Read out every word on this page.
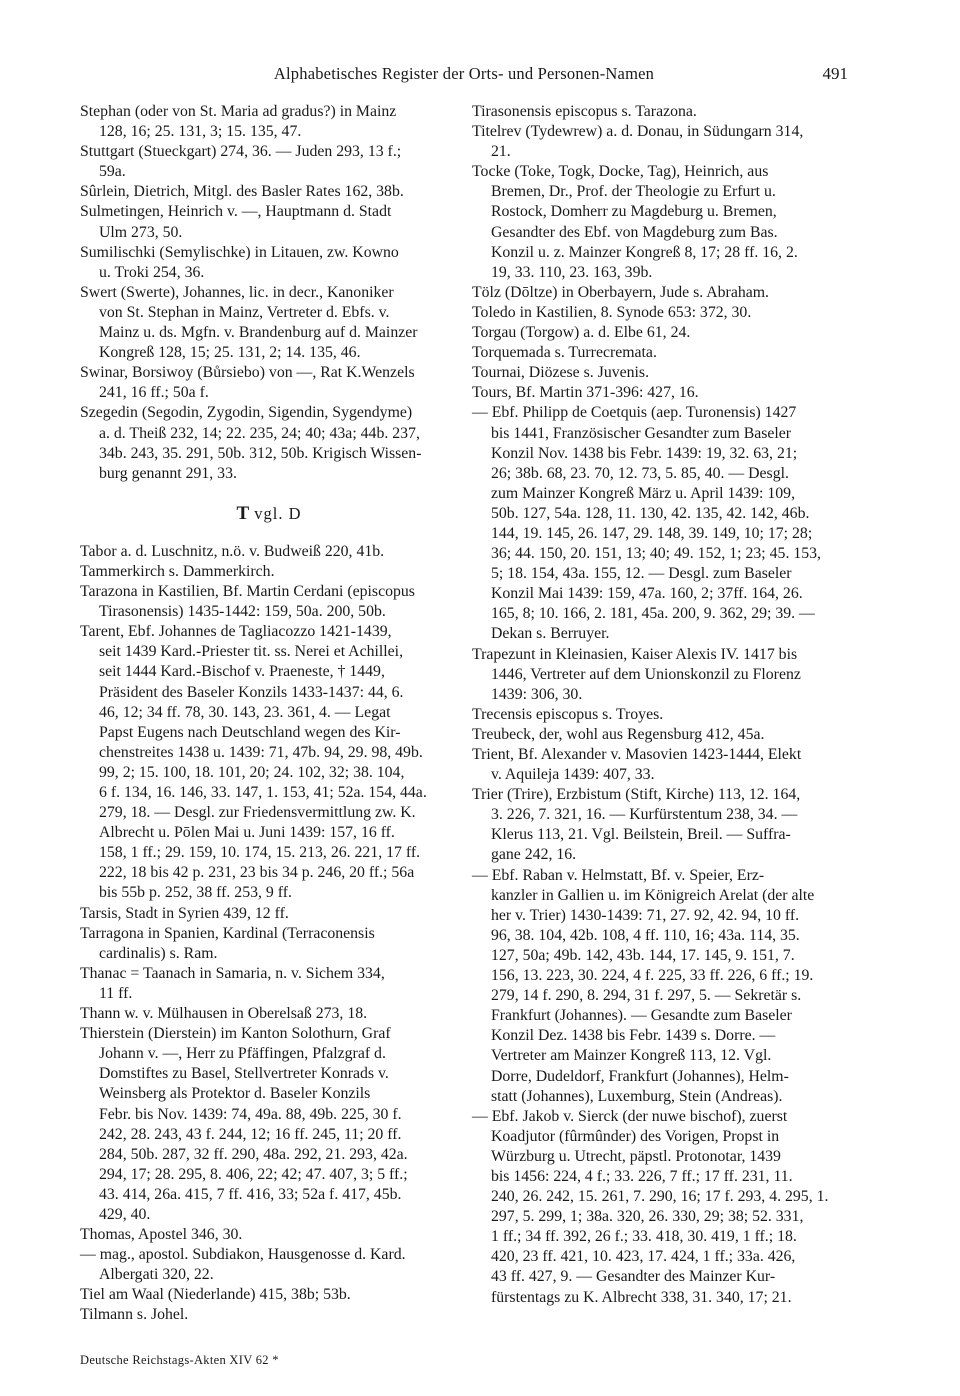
Alphabetisches Register der Orts- und Personen-Namen	491
Stephan (oder von St. Maria ad gradus?) in Mainz
128, 16; 25. 131, 3; 15. 135, 47.
Stuttgart (Stueckgart) 274, 36. — Juden 293, 13 f.;
59a.
Sûrlein, Dietrich, Mitgl. des Basler Rates 162, 38b.
Sulmetingen, Heinrich v. —, Hauptmann d. Stadt
Ulm 273, 50.
Sumilischki (Semylischke) in Litauen, zw. Kowno
u. Troki 254, 36.
Swert (Swerte), Johannes, lic. in decr., Kanoniker
von St. Stephan in Mainz, Vertreter d. Ebfs. v.
Mainz u. ds. Mgfn. v. Brandenburg auf d. Mainzer
Kongreß 128, 15; 25. 131, 2; 14. 135, 46.
Swinar, Borsiwoy (Bůrsiebo) von —, Rat K.Wenzels
241, 16 ff.; 50a f.
Szegedin (Segodin, Zygodin, Sigendin, Sygendyme)
a. d. Theiß 232, 14; 22. 235, 24; 40; 43a; 44b. 237,
34b. 243, 35. 291, 50b. 312, 50b. Krigisch Wissen-
burg genannt 291, 33.
T vgl. D
Tabor a. d. Luschnitz, n.ö. v. Budweiß 220, 41b.
Tammerkirch s. Dammerkirch.
Tarazona in Kastilien, Bf. Martin Cerdani (episcopus
Tirasonensis) 1435-1442: 159, 50a. 200, 50b.
Tarent, Ebf. Johannes de Tagliacozzo 1421-1439,
seit 1439 Kard.-Priester tit. ss. Nerei et Achillei,
seit 1444 Kard.-Bischof v. Praeneste, † 1449,
Präsident des Baseler Konzils 1433-1437: 44, 6.
46, 12; 34 ff. 78, 30. 143, 23. 361, 4. — Legat
Papst Eugens nach Deutschland wegen des Kir-
chenstreites 1438 u. 1439: 71, 47b. 94, 29. 98, 49b.
99, 2; 15. 100, 18. 101, 20; 24. 102, 32; 38. 104,
6 f. 134, 16. 146, 33. 147, 1. 153, 41; 52a. 154, 44a.
279, 18. — Desgl. zur Friedensvermittlung zw. K.
Albrecht u. Pōlen Mai u. Juni 1439: 157, 16 ff.
158, 1 ff.; 29. 159, 10. 174, 15. 213, 26. 221, 17 ff.
222, 18 bis 42 p. 231, 23 bis 34 p. 246, 20 ff.; 56a
bis 55b p. 252, 38 ff. 253, 9 ff.
Tarsis, Stadt in Syrien 439, 12 ff.
Tarragona in Spanien, Kardinal (Terraconensis
cardinalis) s. Ram.
Thanac = Taanach in Samaria, n. v. Sichem 334,
11 ff.
Thann w. v. Mülhausen in Oberelsaß 273, 18.
Thierstein (Dierstein) im Kanton Solothurn, Graf
Johann v. —, Herr zu Pfäffingen, Pfalzgraf d.
Domstiftes zu Basel, Stellvertreter Konrads v.
Weinsberg als Protektor d. Baseler Konzils
Febr. bis Nov. 1439: 74, 49a. 88, 49b. 225, 30 f.
242, 28. 243, 43 f. 244, 12; 16 ff. 245, 11; 20 ff.
284, 50b. 287, 32 ff. 290, 48a. 292, 21. 293, 42a.
294, 17; 28. 295, 8. 406, 22; 42; 47. 407, 3; 5 ff.;
43. 414, 26a. 415, 7 ff. 416, 33; 52a f. 417, 45b.
429, 40.
Thomas, Apostel 346, 30.
— mag., apostol. Subdiakon, Hausgenosse d. Kard.
Albergati 320, 22.
Tiel am Waal (Niederlande) 415, 38b; 53b.
Tilmann s. Johel.
Tirasonensis episcopus s. Tarazona.
Titelrev (Tydewrew) a. d. Donau, in Südungarn 314,
21.
Tocke (Toke, Togk, Docke, Tag), Heinrich, aus
Bremen, Dr., Prof. der Theologie zu Erfurt u.
Rostock, Domherr zu Magdeburg u. Bremen,
Gesandter des Ebf. von Magdeburg zum Bas.
Konzil u. z. Mainzer Kongreß 8, 17; 28 ff. 16, 2.
19, 33. 110, 23. 163, 39b.
Tölz (Dōltze) in Oberbayern, Jude s. Abraham.
Toledo in Kastilien, 8. Synode 653: 372, 30.
Torgau (Torgow) a. d. Elbe 61, 24.
Torquemada s. Turrecremata.
Tournai, Diözese s. Juvenis.
Tours, Bf. Martin 371-396: 427, 16.
— Ebf. Philipp de Coetquis (aep. Turonensis) 1427
bis 1441, Französischer Gesandter zum Baseler
Konzil Nov. 1438 bis Febr. 1439: 19, 32. 63, 21;
26; 38b. 68, 23. 70, 12. 73, 5. 85, 40. — Desgl.
zum Mainzer Kongreß März u. April 1439: 109,
50b. 127, 54a. 128, 11. 130, 42. 135, 42. 142, 46b.
144, 19. 145, 26. 147, 29. 148, 39. 149, 10; 17; 28;
36; 44. 150, 20. 151, 13; 40; 49. 152, 1; 23; 45. 153,
5; 18. 154, 43a. 155, 12. — Desgl. zum Baseler
Konzil Mai 1439: 159, 47a. 160, 2; 37ff. 164, 26.
165, 8; 10. 166, 2. 181, 45a. 200, 9. 362, 29; 39. —
Dekan s. Berruyer.
Trapezunt in Kleinasien, Kaiser Alexis IV. 1417 bis
1446, Vertreter auf dem Unionskonzil zu Florenz
1439: 306, 30.
Trecensis episcopus s. Troyes.
Treubeck, der, wohl aus Regensburg 412, 45a.
Trient, Bf. Alexander v. Masovien 1423-1444, Elekt
v. Aquileja 1439: 407, 33.
Trier (Trire), Erzbistum (Stift, Kirche) 113, 12. 164,
3. 226, 7. 321, 16. — Kurfürstentum 238, 34. —
Klerus 113, 21. Vgl. Beilstein, Breil. — Suffra-
gane 242, 16.
— Ebf. Raban v. Helmstatt, Bf. v. Speier, Erz-
kanzler in Gallien u. im Königreich Arelat (der alte
her v. Trier) 1430-1439: 71, 27. 92, 42. 94, 10 ff.
96, 38. 104, 42b. 108, 4 ff. 110, 16; 43a. 114, 35.
127, 50a; 49b. 142, 43b. 144, 17. 145, 9. 151, 7.
156, 13. 223, 30. 224, 4 f. 225, 33 ff. 226, 6 ff.; 19.
279, 14 f. 290, 8. 294, 31 f. 297, 5. — Sekretär s.
Frankfurt (Johannes). — Gesandte zum Baseler
Konzil Dez. 1438 bis Febr. 1439 s. Dorre. —
Vertreter am Mainzer Kongreß 113, 12. Vgl.
Dorre, Dudeldorf, Frankfurt (Johannes), Helm-
statt (Johannes), Luxemburg, Stein (Andreas).
— Ebf. Jakob v. Sierck (der nuwe bischof), zuerst
Koadjutor (fûrmûnder) des Vorigen, Propst in
Würzburg u. Utrecht, päpstl. Protonotar, 1439
bis 1456: 224, 4 f.; 33. 226, 7 ff.; 17 ff. 231, 11.
240, 26. 242, 15. 261, 7. 290, 16; 17 f. 293, 4. 295, 1.
297, 5. 299, 1; 38a. 320, 26. 330, 29; 38; 52. 331,
1 ff.; 34 ff. 392, 26 f.; 33. 418, 30. 419, 1 ff.; 18.
420, 23 ff. 421, 10. 423, 17. 424, 1 ff.; 33a. 426,
43 ff. 427, 9. — Gesandter des Mainzer Kur-
fürstentags zu K. Albrecht 338, 31. 340, 17; 21.
Deutsche Reichstags-Akten XIV 62 *
